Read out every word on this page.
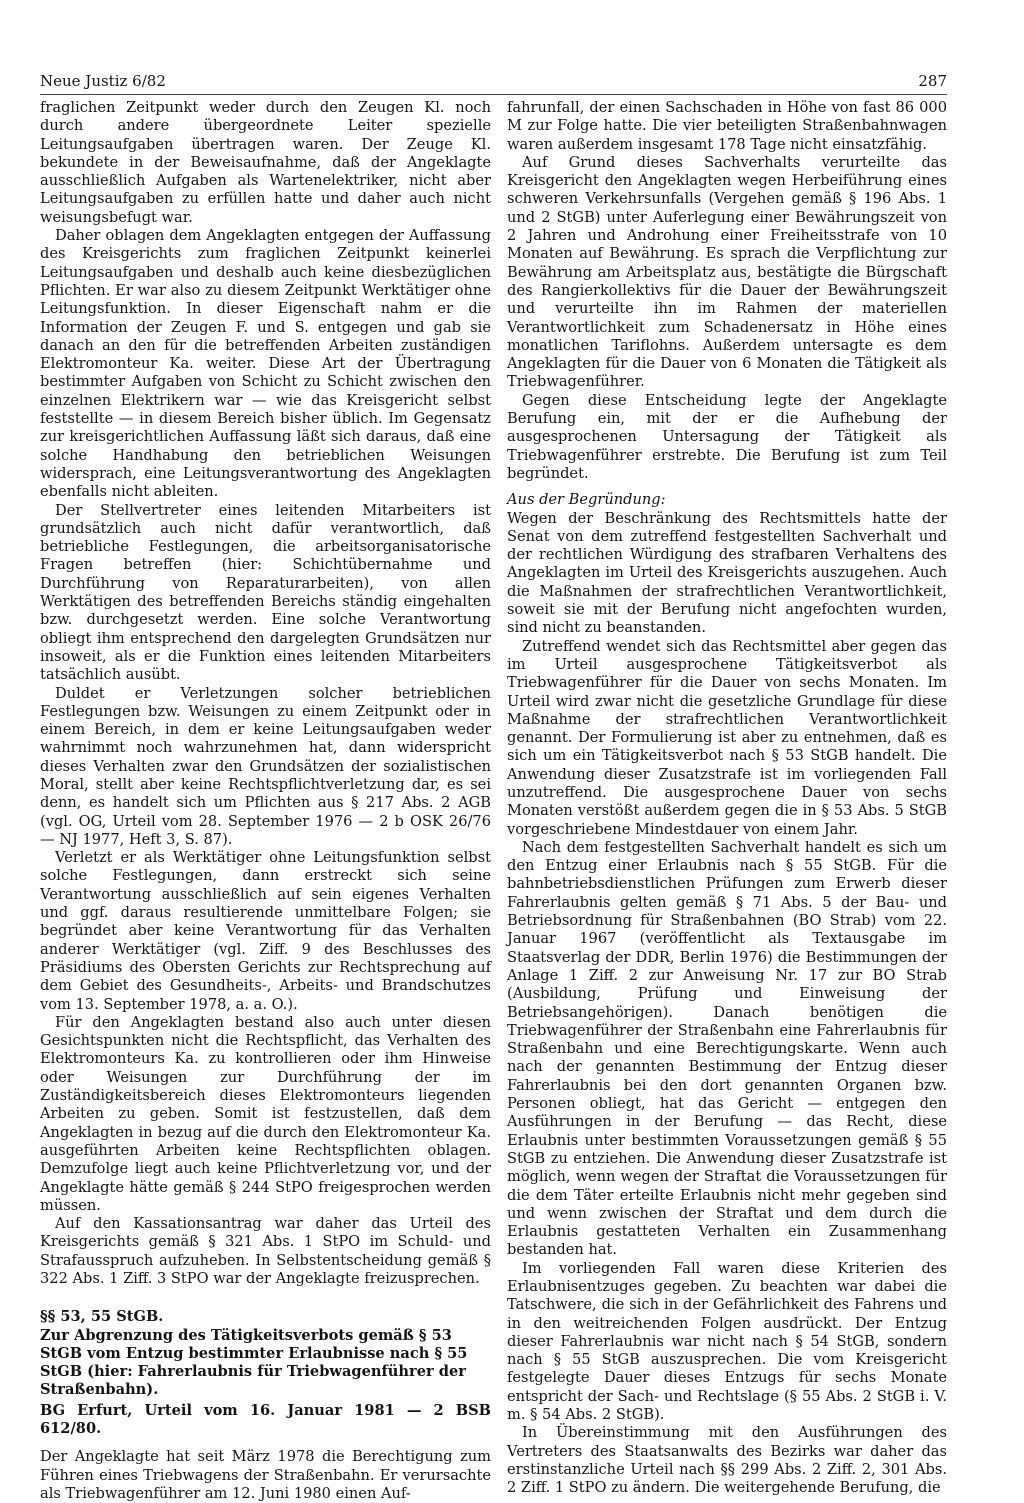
Neue Justiz 6/82	287

fraglichen Zeitpunkt weder durch den Zeugen Kl. noch durch andere übergeordnete Leiter spezielle Leitungsaufgaben übertragen waren. Der Zeuge Kl. bekundete in der Beweisaufnahme, daß der Angeklagte ausschließlich Aufgaben als Wartenelektriker, nicht aber Leitungsaufgaben zu erfüllen hatte und daher auch nicht weisungsbefugt war.

Daher oblagen dem Angeklagten entgegen der Auffassung des Kreisgerichts zum fraglichen Zeitpunkt keinerlei Leitungsaufgaben und deshalb auch keine diesbezüglichen Pflichten. Er war also zu diesem Zeitpunkt Werktätiger ohne Leitungsfunktion. In dieser Eigenschaft nahm er die Information der Zeugen F. und S. entgegen und gab sie danach an den für die betreffenden Arbeiten zuständigen Elektromonteur Ka. weiter. Diese Art der Übertragung bestimmter Aufgaben von Schicht zu Schicht zwischen den einzelnen Elektrikern war — wie das Kreisgericht selbst feststellte — in diesem Bereich bisher üblich. Im Gegensatz zur kreisgerichtlichen Auffassung läßt sich daraus, daß eine solche Handhabung den betrieblichen Weisungen widersprach, eine Leitungsverantwortung des Angeklagten ebenfalls nicht ableiten.

Der Stellvertreter eines leitenden Mitarbeiters ist grundsätzlich auch nicht dafür verantwortlich, daß betriebliche Festlegungen, die arbeitsorganisatorische Fragen betreffen (hier: Schichtübernahme und Durchführung von Reparaturarbeiten), von allen Werktätigen des betreffenden Bereichs ständig eingehalten bzw. durchgesetzt werden. Eine solche Verantwortung obliegt ihm entsprechend den dargelegten Grundsätzen nur insoweit, als er die Funktion eines leitenden Mitarbeiters tatsächlich ausübt.

Duldet er Verletzungen solcher betrieblichen Festlegungen bzw. Weisungen zu einem Zeitpunkt oder in einem Bereich, in dem er keine Leitungsaufgaben weder wahrnimmt noch wahrzunehmen hat, dann widerspricht dieses Verhalten zwar den Grundsätzen der sozialistischen Moral, stellt aber keine Rechtspflichtverletzung dar, es sei denn, es handelt sich um Pflichten aus § 217 Abs. 2 AGB (vgl. OG, Urteil vom 28. September 1976 — 2 b OSK 26/76 — NJ 1977, Heft 3, S. 87).

Verletzt er als Werktätiger ohne Leitungsfunktion selbst solche Festlegungen, dann erstreckt sich seine Verantwortung ausschließlich auf sein eigenes Verhalten und ggf. daraus resultierende unmittelbare Folgen; sie begründet aber keine Verantwortung für das Verhalten anderer Werktätiger (vgl. Ziff. 9 des Beschlusses des Präsidiums des Obersten Gerichts zur Rechtsprechung auf dem Gebiet des Gesundheits-, Arbeits- und Brandschutzes vom 13. September 1978, a. a. O.).

Für den Angeklagten bestand also auch unter diesen Gesichtspunkten nicht die Rechtspflicht, das Verhalten des Elektromonteurs Ka. zu kontrollieren oder ihm Hinweise oder Weisungen zur Durchführung der im Zuständigkeitsbereich dieses Elektromonteurs liegenden Arbeiten zu geben. Somit ist festzustellen, daß dem Angeklagten in bezug auf die durch den Elektromonteur Ka. ausgeführten Arbeiten keine Rechtspflichten oblagen. Demzufolge liegt auch keine Pflichtverletzung vor, und der Angeklagte hätte gemäß § 244 StPO freigesprochen werden müssen.

Auf den Kassationsantrag war daher das Urteil des Kreisgerichts gemäß § 321 Abs. 1 StPO im Schuld- und Strafausspruch aufzuheben. In Selbstentscheidung gemäß § 322 Abs. 1 Ziff. 3 StPO war der Angeklagte freizusprechen.

§§ 53, 55 StGB.

Zur Abgrenzung des Tätigkeitsverbots gemäß § 53 StGB vom Entzug bestimmter Erlaubnisse nach § 55 StGB (hier: Fahrerlaubnis für Triebwagenführer der Straßenbahn).

BG Erfurt, Urteil vom 16. Januar 1981 — 2 BSB 612/80.

Der Angeklagte hat seit März 1978 die Berechtigung zum Führen eines Triebwagens der Straßenbahn. Er verursachte als Triebwagenführer am 12. Juni 1980 einen Auf-

fahrunfall, der einen Sachschaden in Höhe von fast 86 000 M zur Folge hatte. Die vier beteiligten Straßenbahnwagen waren außerdem insgesamt 178 Tage nicht einsatzfähig.

Auf Grund dieses Sachverhalts verurteilte das Kreisgericht den Angeklagten wegen Herbeiführung eines schweren Verkehrsunfalls (Vergehen gemäß § 196 Abs. 1 und 2 StGB) unter Auferlegung einer Bewährungszeit von 2 Jahren und Androhung einer Freiheitsstrafe von 10 Monaten auf Bewährung. Es sprach die Verpflichtung zur Bewährung am Arbeitsplatz aus, bestätigte die Bürgschaft des Rangierkollektivs für die Dauer der Bewährungszeit und verurteilte ihn im Rahmen der materiellen Verantwortlichkeit zum Schadenersatz in Höhe eines monatlichen Tariflohns. Außerdem untersagte es dem Angeklagten für die Dauer von 6 Monaten die Tätigkeit als Triebwagenführer.

Gegen diese Entscheidung legte der Angeklagte Berufung ein, mit der er die Aufhebung der ausgesprochenen Untersagung der Tätigkeit als Triebwagenführer erstrebte. Die Berufung ist zum Teil begründet.

Aus der Begründung:

Wegen der Beschränkung des Rechtsmittels hatte der Senat von dem zutreffend festgestellten Sachverhalt und der rechtlichen Würdigung des strafbaren Verhaltens des Angeklagten im Urteil des Kreisgerichts auszugehen. Auch die Maßnahmen der strafrechtlichen Verantwortlichkeit, soweit sie mit der Berufung nicht angefochten wurden, sind nicht zu beanstanden.

Zutreffend wendet sich das Rechtsmittel aber gegen das im Urteil ausgesprochene Tätigkeitsverbot als Triebwagenführer für die Dauer von sechs Monaten. Im Urteil wird zwar nicht die gesetzliche Grundlage für diese Maßnahme der strafrechtlichen Verantwortlichkeit genannt. Der Formulierung ist aber zu entnehmen, daß es sich um ein Tätigkeitsverbot nach § 53 StGB handelt. Die Anwendung dieser Zusatzstrafe ist im vorliegenden Fall unzutreffend. Die ausgesprochene Dauer von sechs Monaten verstößt außerdem gegen die in § 53 Abs. 5 StGB vorgeschriebene Mindestdauer von einem Jahr.

Nach dem festgestellten Sachverhalt handelt es sich um den Entzug einer Erlaubnis nach § 55 StGB. Für die bahnbetriebsdienstlichen Prüfungen zum Erwerb dieser Fahrerlaubnis gelten gemäß § 71 Abs. 5 der Bau- und Betriebsordnung für Straßenbahnen (BO Strab) vom 22. Januar 1967 (veröffentlicht als Textausgabe im Staatsverlag der DDR, Berlin 1976) die Bestimmungen der Anlage 1 Ziff. 2 zur Anweisung Nr. 17 zur BO Strab (Ausbildung, Prüfung und Einweisung der Betriebsangehörigen). Danach benötigen die Triebwagenführer der Straßenbahn eine Fahrerlaubnis für Straßenbahn und eine Berechtigungskarte. Wenn auch nach der genannten Bestimmung der Entzug dieser Fahrerlaubnis bei den dort genannten Organen bzw. Personen obliegt, hat das Gericht — entgegen den Ausführungen in der Berufung — das Recht, diese Erlaubnis unter bestimmten Voraussetzungen gemäß § 55 StGB zu entziehen. Die Anwendung dieser Zusatzstrafe ist möglich, wenn wegen der Straftat die Voraussetzungen für die dem Täter erteilte Erlaubnis nicht mehr gegeben sind und wenn zwischen der Straftat und dem durch die Erlaubnis gestatteten Verhalten ein Zusammenhang bestanden hat.

Im vorliegenden Fall waren diese Kriterien des Erlaubnisentzuges gegeben. Zu beachten war dabei die Tatschwere, die sich in der Gefährlichkeit des Fahrens und in den weitreichenden Folgen ausdrückt. Der Entzug dieser Fahrerlaubnis war nicht nach § 54 StGB, sondern nach § 55 StGB auszusprechen. Die vom Kreisgericht festgelegte Dauer dieses Entzugs für sechs Monate entspricht der Sach- und Rechtslage (§ 55 Abs. 2 StGB i. V. m. § 54 Abs. 2 StGB).

In Übereinstimmung mit den Ausführungen des Vertreters des Staatsanwalts des Bezirks war daher das erstinstanzliche Urteil nach §§ 299 Abs. 2 Ziff. 2, 301 Abs. 2 Ziff. 1 StPO zu ändern. Die weitergehende Berufung, die
